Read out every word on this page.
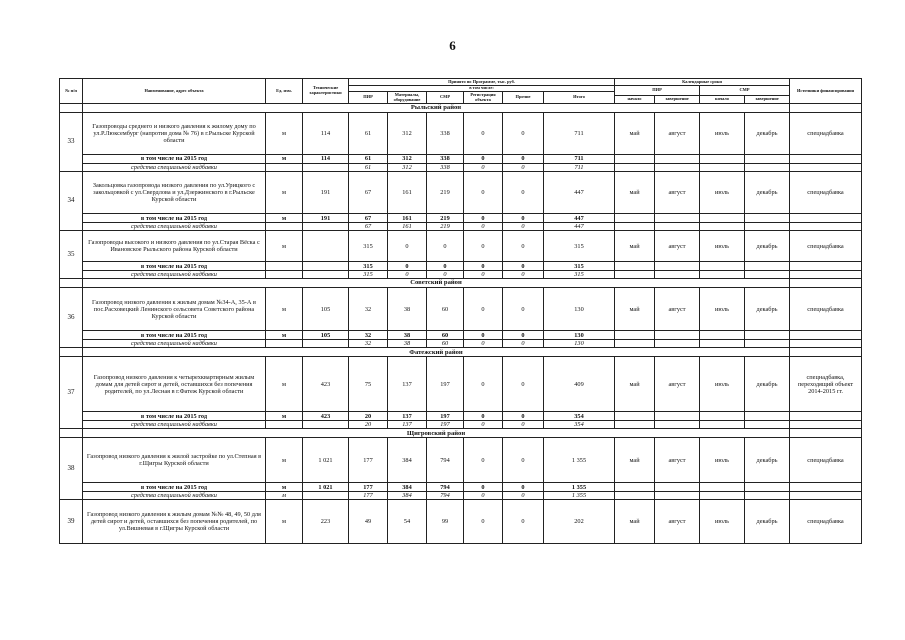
6
№ п/п	Наименование, адрес объекта	Ед. изм.	Технические характеристики	Принято по Программе, тыс. руб.						Календарные сроки				Источники финансирования
				в том числе:						ПИР		СМР		
				ПИР	Материалы, оборудование	СМР	Регистрация объекта	Прочие	Итого					
										начало	завершение	начало	завершение	
	Рыльский район													
33	Газопроводы среднего и низкого давления к жилому дому по ул.Р.Люксембург (напротив дома № 76) в г.Рыльске Курской области	м	114	61	312	338	0	0	711	май	август	июль	декабрь	спецнадбавка
	в том числе на 2015 год	м	114	61	312	338	0	0	711					
	средства специальной надбавки			61	312	338	0	0	711					
34	Закольцовка газопровода низкого давления по ул.Урицкого с закольцовкой с ул.Свердлова и ул.Дзержинского в г.Рыльске Курской области	м	191	67	161	219	0	0	447	май	август	июль	декабрь	спецнадбавка
	в том числе на 2015 год	м	191	67	161	219	0	0	447					
	средства специальной надбавки			67	161	219	0	0	447					
35	Газопроводы высокого и низкого давления по ул.Старая Вёска с Ивановское Рыльского района Курской области	м		315	0	0	0	0	315	май	август	июль	декабрь	спецнадбавка
	в том числе на 2015 год			315	0	0	0	0	315					
	средства специальной надбавки			315	0	0	0	0	315					
	Советский район													
36	Газопровод низкого давления к жилым домам №34-А, 35-А в пос.Расховецкий Ленинского сельсовета Советского района Курской области	м	105	32	38	60	0	0	130	май	август	июль	декабрь	спецнадбавка
	в том числе на 2015 год	м	105	32	38	60	0	0	130					
	средства специальной надбавки			32	38	60	0	0	130					
	Фатежский район													
37	Газопровод низкого давления к четырехквартирным жилым домам для детей сирот и детей, оставшихся без попечения родителей, по ул.Лесная в г.Фатеж Курской области	м	423	75	137	197	0	0	409	май	август	июль	декабрь	спецнадбавка, переходящий объект 2014-2015 гг.
	в том числе на 2015 год	м	423	20	137	197	0	0	354					
	средства специальной надбавки			20	137	197	0	0	354					
	Щигровский район													
38	Газопровод низкого давления к жилой застройке по ул.Степная в г.Щигры Курской области	м	1 021	177	384	794	0	0	1 355	май	август	июль	декабрь	спецнадбавка
	в том числе на 2015 год	м	1 021	177	384	794	0	0	1 355					
	средства специальной надбавки	м		177	384	794	0	0	1 355					
39	Газопровод низкого давления к жилым домам №№ 48, 49, 50 для детей сирот и детей, оставшихся без попечения родителей, по ул.Вишневая в г.Щигры Курской области	м	223	49	54	99	0	0	202	май	август	июль	декабрь	спецнадбавка
